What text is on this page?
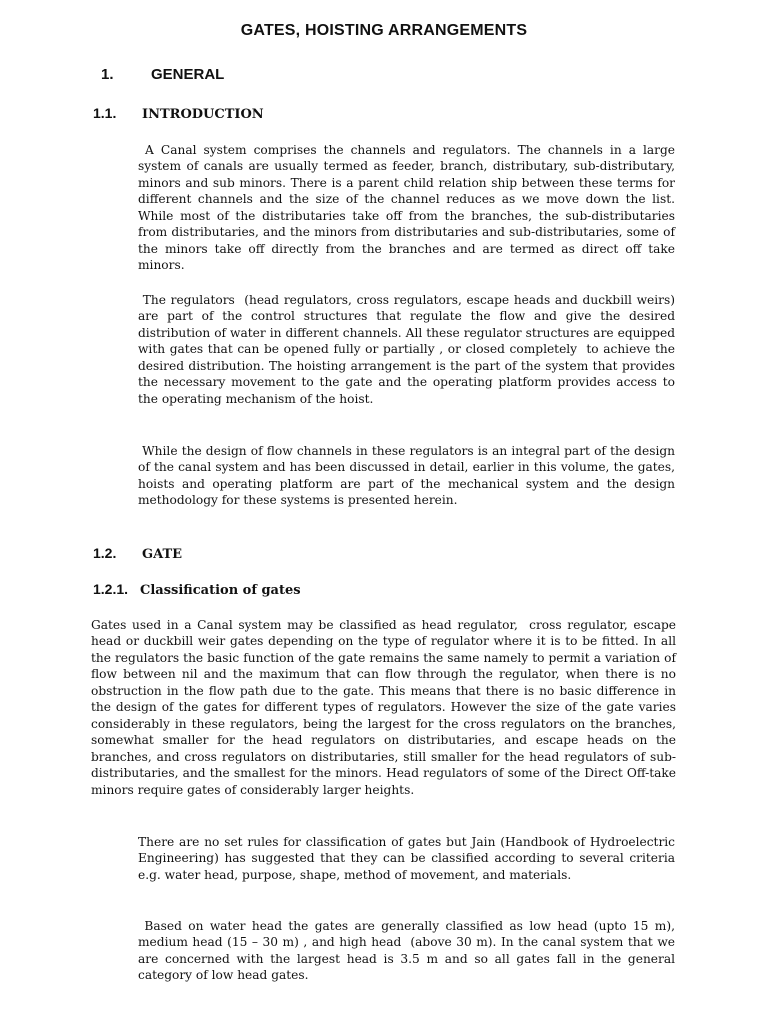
GATES, HOISTING ARRANGEMENTS
1. GENERAL
1.1. INTRODUCTION

A Canal system comprises the channels and regulators. The channels in a large system of canals are usually termed as feeder, branch, distributary, sub-distributary, minors and sub minors. There is a parent child relation ship between these terms for different channels and the size of the channel reduces as we move down the list. While most of the distributaries take off from the branches, the sub-distributaries from distributaries, and the minors from distributaries and sub-distributaries, some of the minors take off directly from the branches and are termed as direct off take minors.

The regulators  (head regulators, cross regulators, escape heads and duckbill weirs) are part of the control structures that regulate the flow and give the desired distribution of water in different channels. All these regulator structures are equipped with gates that can be opened fully or partially , or closed completely  to achieve the desired distribution. The hoisting arrangement is the part of the system that provides the necessary movement to the gate and the operating platform provides access to the operating mechanism of the hoist.

While the design of flow channels in these regulators is an integral part of the design of the canal system and has been discussed in detail, earlier in this volume, the gates, hoists and operating platform are part of the mechanical system and the design methodology for these systems is presented herein.

1.2. GATE
1.2.1. Classification of gates

Gates used in a Canal system may be classified as head regulator,  cross regulator, escape head or duckbill weir gates depending on the type of regulator where it is to be fitted. In all the regulators the basic function of the gate remains the same namely to permit a variation of flow between nil and the maximum that can flow through the regulator, when there is no obstruction in the flow path due to the gate. This means that there is no basic difference in the design of the gates for different types of regulators. However the size of the gate varies considerably in these regulators, being the largest for the cross regulators on the branches, somewhat smaller for the head regulators on distributaries, and escape heads on the branches, and cross regulators on distributaries, still smaller for the head regulators of sub-distributaries, and the smallest for the minors. Head regulators of some of the Direct Off-take minors require gates of considerably larger heights.

There are no set rules for classification of gates but Jain (Handbook of Hydroelectric Engineering) has suggested that they can be classified according to several criteria e.g. water head, purpose, shape, method of movement, and materials.

Based on water head the gates are generally classified as low head (upto 15 m), medium head (15 – 30 m) , and high head  (above 30 m). In the canal system that we are concerned with the largest head is 3.5 m and so all gates fall in the general  category of low head gates.
